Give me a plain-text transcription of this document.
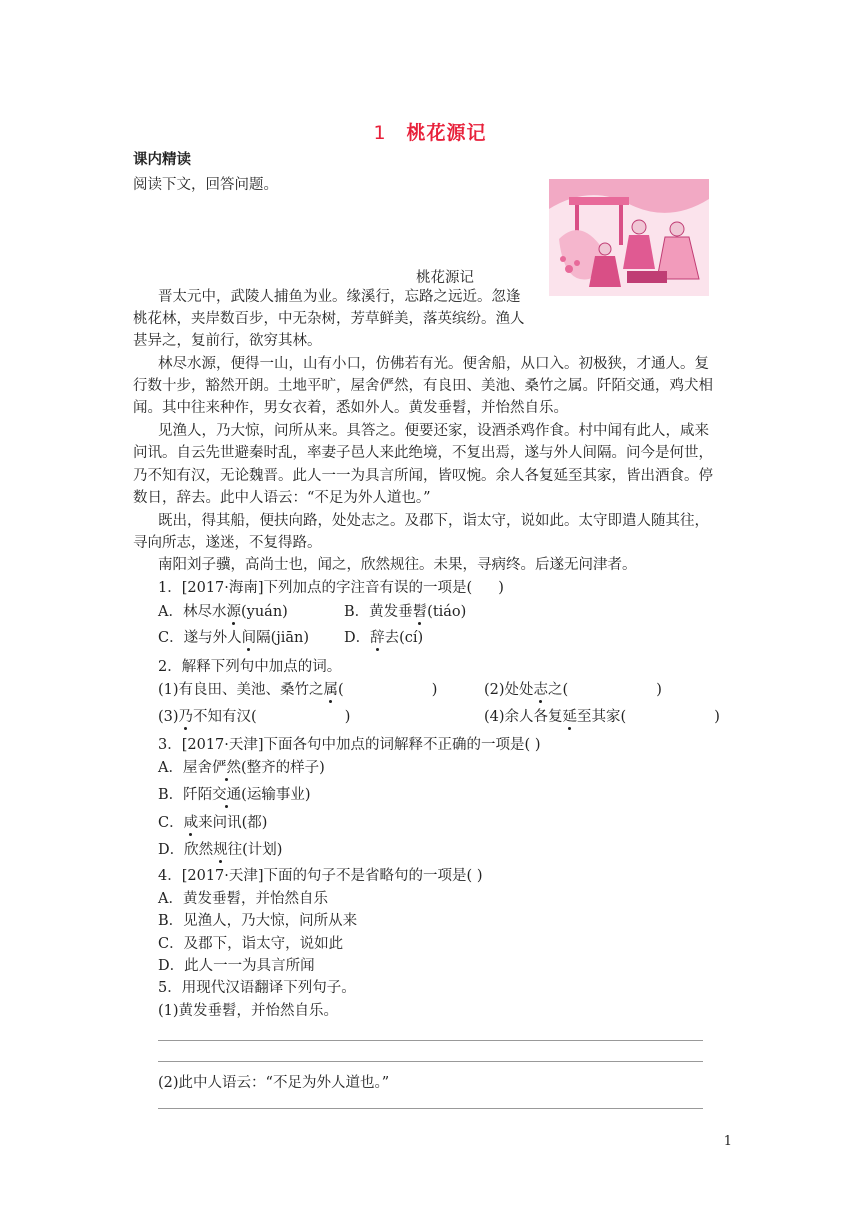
1 桃花源记
课内精读
阅读下文，回答问题。
桃花源记
晋太元中，武陵人捕鱼为业。缘溪行，忘路之远近。忽逢
桃花林，夹岸数百步，中无杂树，芳草鲜美，落英缤纷。渔人
甚异之，复前行，欲穷其林。
林尽水源，便得一山，山有小口，仿佛若有光。便舍船，从口入。初极狭，才通人。复
行数十步，豁然开朗。土地平旷，屋舍俨然，有良田、美池、桑竹之属。阡陌交通，鸡犬相
闻。其中往来种作，男女衣着，悉如外人。黄发垂髫，并怡然自乐。
见渔人，乃大惊，问所从来。具答之。便要还家，设酒杀鸡作食。村中闻有此人，咸来
问讯。自云先世避秦时乱，率妻子邑人来此绝境，不复出焉，遂与外人间隔。问今是何世，
乃不知有汉，无论魏晋。此人一一为具言所闻，皆叹惋。余人各复延至其家，皆出酒食。停
数日，辞去。此中人语云：“不足为外人道也。”
既出，得其船，便扶向路，处处志之。及郡下，诣太守，说如此。太守即遣人随其往，
寻向所志，遂迷，不复得路。
南阳刘子骥，高尚士也，闻之，欣然规往。未果，寻病终。后遂无问津者。
1．[2017·海南]下列加点的字注音有误的一项是( )
A．林尽水源(yuán)	B．黄发垂髫(tiáo)
C．遂与外人间隔(jiān) D．辞去(cí)
2．解释下列句中加点的词。
(1)有良田、美池、桑竹之属(	)	(2)处处志之(	)
(3)乃不知有汉(	)	(4)余人各复延至其家(	)
3．[2017·天津]下面各句中加点的词解释不正确的一项是( )
A．屋舍俨然(整齐的样子)
B．阡陌交通(运输事业)
C．咸来问讯(都)
D．欣然规往(计划)
4．[2017·天津]下面的句子不是省略句的一项是( )
A．黄发垂髫，并怡然自乐
B．见渔人，乃大惊，问所从来
C．及郡下，诣太守，说如此
D．此人一一为具言所闻
5．用现代汉语翻译下列句子。
(1)黄发垂髫，并怡然自乐。
(2)此中人语云：“不足为外人道也。”
1
